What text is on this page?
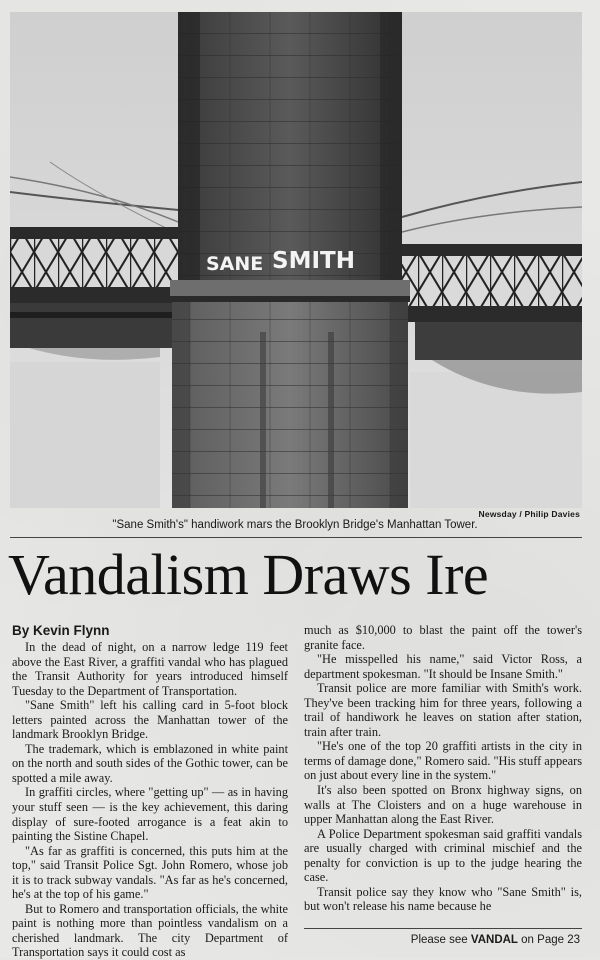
SANE SMITH
Newsday / Philip Davies
"Sane Smith's" handiwork mars the Brooklyn Bridge's Manhattan Tower.
Vandalism Draws Ire
By Kevin Flynn

In the dead of night, on a narrow ledge 119 feet above the East River, a graffiti vandal who has plagued the Transit Authority for years introduced himself Tuesday to the Department of Transportation.

"Sane Smith" left his calling card in 5-foot block letters painted across the Manhattan tower of the landmark Brooklyn Bridge.

The trademark, which is emblazoned in white paint on the north and south sides of the Gothic tower, can be spotted a mile away.

In graffiti circles, where "getting up" — as in having your stuff seen — is the key achievement, this daring display of sure-footed arrogance is a feat akin to painting the Sistine Chapel.

"As far as graffiti is concerned, this puts him at the top," said Transit Police Sgt. John Romero, whose job it is to track subway vandals. "As far as he's concerned, he's at the top of his game."

But to Romero and transportation officials, the white paint is nothing more than pointless vandalism on a cherished landmark. The city Department of Transportation says it could cost as

much as $10,000 to blast the paint off the tower's granite face.

"He misspelled his name," said Victor Ross, a department spokesman. "It should be Insane Smith."

Transit police are more familiar with Smith's work. They've been tracking him for three years, following a trail of handiwork he leaves on station after station, train after train.

"He's one of the top 20 graffiti artists in the city in terms of damage done," Romero said. "His stuff appears on just about every line in the system."

It's also been spotted on Bronx highway signs, on walls at The Cloisters and on a huge warehouse in upper Manhattan along the East River.

A Police Department spokesman said graffiti vandals are usually charged with criminal mischief and the penalty for conviction is up to the judge hearing the case.

Transit police say they know who "Sane Smith" is, but won't release his name because he

Please see VANDAL on Page 23
